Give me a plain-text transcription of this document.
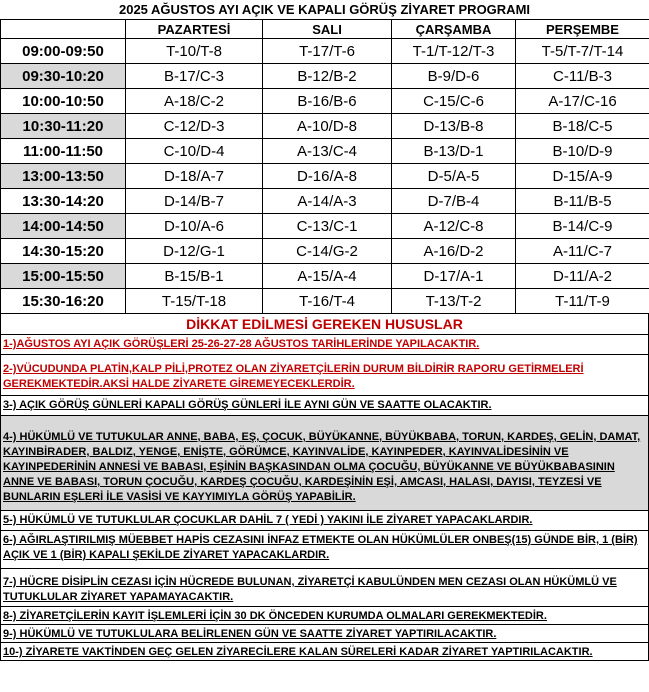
2025 AĞUSTOS AYI AÇIK VE KAPALI GÖRÜŞ ZİYARET PROGRAMI
	PAZARTESİ	SALI	ÇARŞAMBA	PERŞEMBE
09:00-09:50	T-10/T-8	T-17/T-6	T-1/T-12/T-3	T-5/T-7/T-14
09:30-10:20	B-17/C-3	B-12/B-2	B-9/D-6	C-11/B-3
10:00-10:50	A-18/C-2	B-16/B-6	C-15/C-6	A-17/C-16
10:30-11:20	C-12/D-3	A-10/D-8	D-13/B-8	B-18/C-5
11:00-11:50	C-10/D-4	A-13/C-4	B-13/D-1	B-10/D-9
13:00-13:50	D-18/A-7	D-16/A-8	D-5/A-5	D-15/A-9
13:30-14:20	D-14/B-7	A-14/A-3	D-7/B-4	B-11/B-5
14:00-14:50	D-10/A-6	C-13/C-1	A-12/C-8	B-14/C-9
14:30-15:20	D-12/G-1	C-14/G-2	A-16/D-2	A-11/C-7
15:00-15:50	B-15/B-1	A-15/A-4	D-17/A-1	D-11/A-2
15:30-16:20	T-15/T-18	T-16/T-4	T-13/T-2	T-11/T-9
DİKKAT EDİLMESİ GEREKEN HUSUSLAR
1-)AĞUSTOS AYI AÇIK GÖRÜŞLERİ 25-26-27-28 AĞUSTOS TARİHLERİNDE YAPILACAKTIR.
2-)VÜCUDUNDA PLATİN,KALP PİLİ,PROTEZ OLAN ZİYARETÇİLERİN DURUM BİLDİRİR RAPORU GETİRMELERİ GEREKMEKTEDİR.AKSİ HALDE ZİYARETE GİREMEYECEKLERDİR.
3-) AÇIK GÖRÜŞ GÜNLERİ KAPALI GÖRÜŞ GÜNLERİ İLE AYNI GÜN VE SAATTE OLACAKTIR.
4-) HÜKÜMLÜ VE TUTUKULAR ANNE, BABA, EŞ, ÇOCUK, BÜYÜKANNE, BÜYÜKBABA, TORUN, KARDEŞ, GELİN, DAMAT, KAYINBİRADER, BALDIZ, YENGE, ENİŞTE, GÖRÜMCE, KAYINVALİDE, KAYINPEDER, KAYINVALİDESİNİN VE KAYINPEDERİNİN ANNESİ VE BABASI, EŞİNİN BAŞKASINDAN OLMA ÇOCUĞU, BÜYÜKANNE VE BÜYÜKBABASININ ANNE VE BABASI, TORUN ÇOCUĞU, KARDEŞ ÇOCUĞU, KARDEŞİNİN EŞİ, AMCASI, HALASI, DAYISI, TEYZESİ VE BUNLARIN EŞLERİ İLE VASİSİ VE KAYYIMIYLA GÖRÜŞ YAPABİLİR.
5-) HÜKÜMLÜ VE TUTUKLULAR ÇOCUKLAR DAHİL 7 ( YEDİ ) YAKINI İLE ZİYARET YAPACAKLARDIR.
6-) AĞIRLAŞTIRILMIŞ MÜEBBET HAPİS CEZASINI İNFAZ ETMEKTE OLAN HÜKÜMLÜLER ONBEŞ(15) GÜNDE BİR, 1 (BİR) AÇIK VE 1 (BİR) KAPALI ŞEKİLDE ZİYARET YAPACAKLARDIR.
7-) HÜCRE DİSİPLİN CEZASI İÇİN HÜCREDE BULUNAN, ZİYARETÇİ KABULÜNDEN MEN CEZASI OLAN HÜKÜMLÜ VE TUTUKLULAR ZİYARET YAPAMAYACAKTIR.
8-) ZİYARETÇİLERİN KAYIT İŞLEMLERİ İÇİN 30 DK ÖNCEDEN KURUMDA OLMALARI GEREKMEKTEDİR.
9-) HÜKÜMLÜ VE TUTUKLULARA BELİRLENEN GÜN VE SAATTE ZİYARET YAPTIRILACAKTIR.
10-) ZİYARETE VAKTİNDEN GEÇ GELEN ZİYARECİLERE KALAN SÜRELERİ KADAR ZİYARET YAPTIRILACAKTIR.
